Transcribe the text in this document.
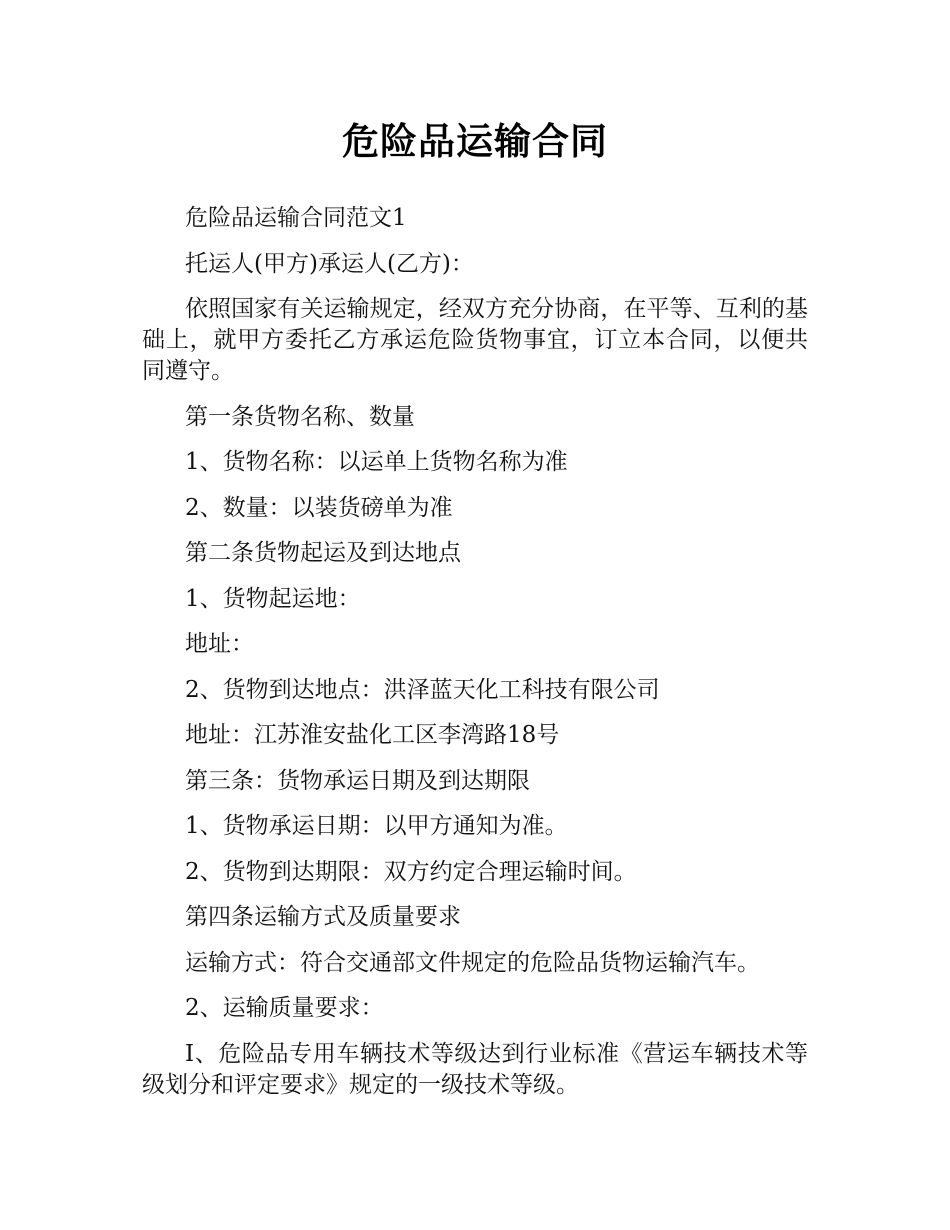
危险品运输合同

危险品运输合同范文1

托运人(甲方)承运人(乙方)：

依照国家有关运输规定，经双方充分协商，在平等、互利的基础上，就甲方委托乙方承运危险货物事宜，订立本合同，以便共同遵守。

第一条货物名称、数量

1、货物名称：以运单上货物名称为准

2、数量：以装货磅单为准

第二条货物起运及到达地点

1、货物起运地：

地址：

2、货物到达地点：洪泽蓝天化工科技有限公司

地址：江苏淮安盐化工区李湾路18号

第三条：货物承运日期及到达期限

1、货物承运日期：以甲方通知为准。

2、货物到达期限：双方约定合理运输时间。

第四条运输方式及质量要求

运输方式：符合交通部文件规定的危险品货物运输汽车。

2、运输质量要求：

Ⅰ、危险品专用车辆技术等级达到行业标准《营运车辆技术等级划分和评定要求》规定的一级技术等级。
